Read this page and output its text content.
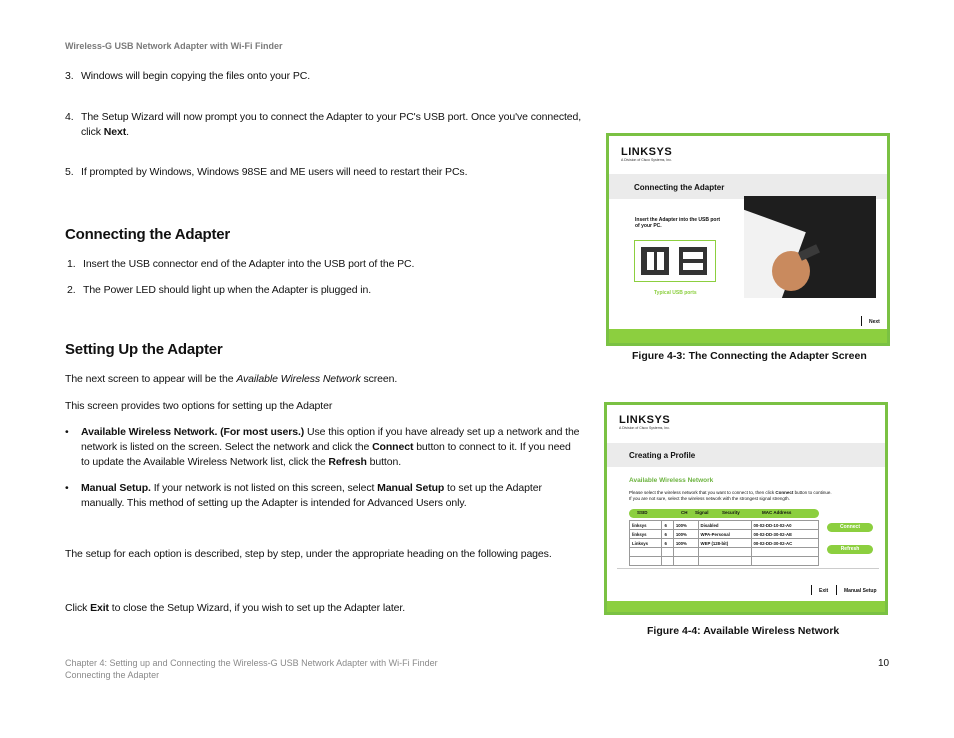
Wireless-G USB Network Adapter with Wi-Fi Finder
3. Windows will begin copying the files onto your PC.
4. The Setup Wizard will now prompt you to connect the Adapter to your PC's USB port. Once you've connected,
click Next.
5. If prompted by Windows, Windows 98SE and ME users will need to restart their PCs.
Connecting the Adapter
1. Insert the USB connector end of the Adapter into the USB port of the PC.
2. The Power LED should light up when the Adapter is plugged in.
Setting Up the Adapter
The next screen to appear will be the Available Wireless Network screen.
This screen provides two options for setting up the Adapter
• Available Wireless Network. (For most users.) Use this option if you have already set up a network and the
network is listed on the screen. Select the network and click the Connect button to connect to it. If you need
to update the Available Wireless Network list, click the Refresh button.
• Manual Setup. If your network is not listed on this screen, select Manual Setup to set up the Adapter
manually. This method of setting up the Adapter is intended for Advanced Users only.
The setup for each option is described, step by step, under the appropriate heading on the following pages.
Click Exit to close the Setup Wizard, if you wish to set up the Adapter later.
LINKSYS
A Division of Cisco Systems, Inc.
Connecting the Adapter
Insert the Adapter into the USB port
of your PC.
Typical USB ports
Next
Figure 4-3: The Connecting the Adapter Screen
LINKSYS
A Division of Cisco Systems, Inc.
Creating a Profile
Available Wireless Network
Please select the wireless network that you want to connect to, then click Connect button to continue.
If you are not sure, select the wireless network with the strongest signal strength.
SSID	CH Signal	Security	MAC Address
linksys	6	100%	Disabled	00-02-DD-10-02-A0
linksys	6	100%	WPA-Personal	00-02-DD-30-02-AE
Linksys	6	100%	WEP (128-bit)	00-02-DD-30-02-AC

Connect
Refresh
Exit	Manual Setup
Figure 4-4: Available Wireless Network
Chapter 4: Setting up and Connecting the Wireless-G USB Network Adapter with Wi-Fi Finder
Connecting the Adapter
10
